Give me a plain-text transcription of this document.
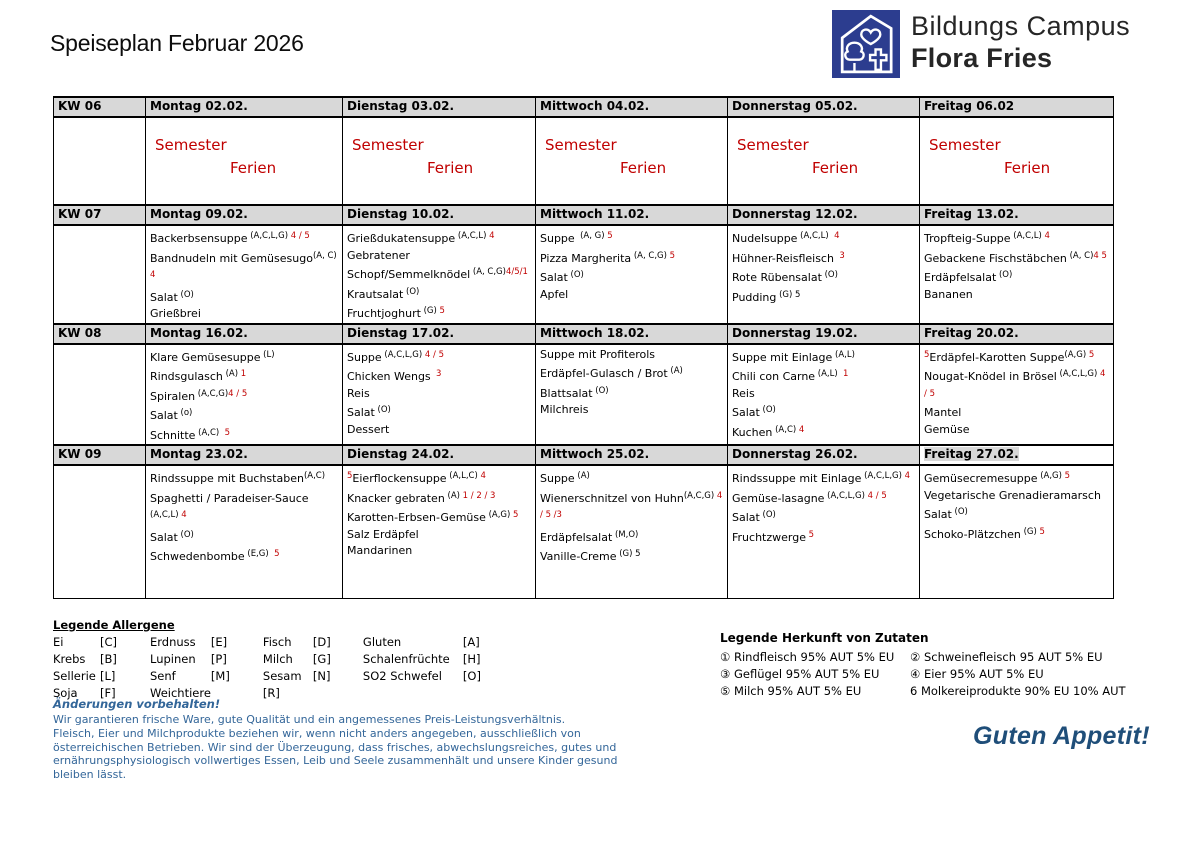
Speiseplan Februar 2026
Bildungs Campus
Flora Fries
KW 06	Montag 02.02.	Dienstag 03.02.	Mittwoch 04.02.	Donnerstag 05.02.	Freitag 06.02

Semester
Ferien

Semester
Ferien

Semester
Ferien

Semester
Ferien

Semester
Ferien

KW 07	Montag 09.02.	Dienstag 10.02.	Mittwoch 11.02.	Donnerstag 12.02.	Freitag 13.02.

Backerbsensuppe $^{(A,C,L,G)}$ $^{4 / 5}$
Bandnudeln mit Gemüsesugo$^{(A, C)}$ $^4$
Salat $^{(O)}$
Grießbrei

Grießdukatensuppe $^{(A,C,L)}$ $^4$
Gebratener Schopf/Semmelknödel $^{(A, C,G)4/5/1}$
Krautsalat $^{(O)}$
Fruchtjoghurt $^{(G)}$ $^5$

Suppe  $^{(A, G)}$ $^5$
Pizza Margherita $^{(A, C,G)}$ $^5$
Salat $^{(O)}$
Apfel

Nudelsuppe $^{(A,C,L)}$  $^4$
Hühner-Reisfleisch  $^3$
Rote Rübensalat $^{(O)}$
Pudding $^{(G) 5}$

Tropfteig-Suppe $^{(A,C,L)}$ $^4$
Gebackene Fischstäbchen $^{(A, C)4 5}$
Erdäpfelsalat $^{(O)}$
Bananen

KW 08	Montag 16.02.	Dienstag 17.02.	Mittwoch 18.02.	Donnerstag 19.02.	Freitag 20.02.

Klare Gemüsesuppe $^{(L)}$
Rindsgulasch $^{(A)}$ $^1$
Spiralen $^{(A,C,G)4 / 5}$
Salat $^{(o)}$
Schnitte $^{(A,C)}$  $^5$

Suppe $^{(A,C,L,G)}$ $^{4 / 5}$
Chicken Wengs  $^3$
Reis
Salat $^{(O)}$
Dessert

Suppe mit Profiterols
Erdäpfel-Gulasch / Brot $^{(A)}$
Blattsalat $^{(O)}$
Milchreis

Suppe mit Einlage $^{(A,L)}$
Chili con Carne $^{(A,L)}$  $^1$
Reis
Salat $^{(O)}$
Kuchen $^{(A,C)}$ $^4$

$^5$Erdäpfel-Karotten Suppe$^{(A,G)}$ $^5$
Nougat-Knödel in Brösel $^{(A,C,L,G)}$ $^{4 / 5}$
Mantel
Gemüse

KW 09	Montag 23.02.	Dienstag 24.02.	Mittwoch 25.02.	Donnerstag 26.02.	Freitag 27.02.

Rindssuppe mit Buchstaben$^{(A,C)}$
Spaghetti / Paradeiser-Sauce $^{(A,C,L)}$ $^4$
Salat $^{(O)}$
Schwedenbombe $^{(E,G)}$  $^5$

$^5$Eierflockensuppe $^{(A,L,C)}$ $^4$
Knacker gebraten $^{(A)}$ $^{1 / 2 / 3}$
Karotten-Erbsen-Gemüse $^{(A,G)}$ $^5$
Salz Erdäpfel
Mandarinen

Suppe $^{(A)}$
Wienerschnitzel von Huhn$^{(A,C,G)}$ $^{4 / 5 /3}$
Erdäpfelsalat $^{(M,O)}$
Vanille-Creme $^{(G) 5}$

Rindssuppe mit Einlage $^{(A,C,L,G)}$ $^4$
Gemüse-lasagne $^{(A,C,L,G)}$ $^{4 / 5}$
Salat $^{(O)}$
Fruchtzwerge $^5$

Gemüsecremesuppe $^{(A,G)}$ $^5$
Vegetarische Grenadieramarsch
Salat $^{(O)}$
Schoko-Plätzchen $^{(G)}$ $^5$
Legende Allergene
Ei	[C]	Erdnuss	[E]	Fisch	[D]	Gluten	[A]
Krebs	[B]	Lupinen	[P]	Milch	[G]	Schalenfrüchte	[H]
Sellerie	[L]	Senf	[M]	Sesam	[N]	SO2 Schwefel	[O]
Soja	[F]	Weichtiere		[R]			
Änderungen vorbehalten!
Wir garantieren frische Ware, gute Qualität und ein angemessenes Preis-Leistungsverhältnis.
Fleisch, Eier und Milchprodukte beziehen wir, wenn nicht anders angegeben, ausschließlich von
österreichischen Betrieben. Wir sind der Überzeugung, dass frisches, abwechslungsreiches, gutes und
ernährungsphysiologisch vollwertiges Essen, Leib und Seele zusammenhält und unsere Kinder gesund
bleiben lässt.
Legende Herkunft von Zutaten
① Rindfleisch 95% AUT 5% EU ② Schweinefleisch 95 AUT 5% EU
③ Geflügel 95% AUT 5% EU	④ Eier 95% AUT 5% EU
⑤ Milch 95% AUT 5% EU	6 Molkereiprodukte 90% EU 10% AUT
Guten Appetit!
